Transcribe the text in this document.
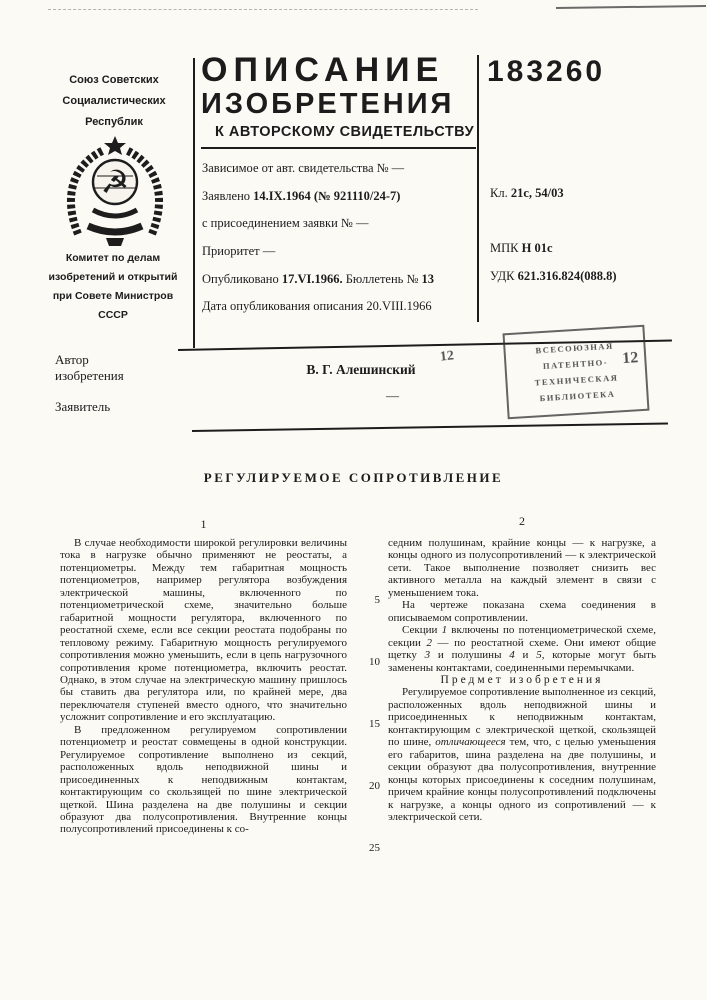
Союз Советских
Социалистических
Республик
☭
Комитет по делам
изобретений и открытий
при Совете Министров
СССР
ОПИСАНИЕ
ИЗОБРЕТЕНИЯ
К АВТОРСКОМУ СВИДЕТЕЛЬСТВУ
Зависимое от авт. свидетельства № —
Заявлено 14.IX.1964 (№ 921110/24-7)
с присоединением заявки № —
Приоритет —
Опубликовано 17.VI.1966. Бюллетень № 13
Дата опубликования описания 20.VIII.1966
183260
Кл. 21c, 54/03
МПК Н 01c
УДК 621.316.824(088.8)
Автор
изобретения	В. Г. Алешинский
Заявитель
—
12
ВСЕСОЮЗНАЯ
ПАТЕНТНО-
ТЕХНИЧЕСКАЯ
БИБЛИОТЕКА
12
РЕГУЛИРУЕМОЕ СОПРОТИВЛЕНИЕ
1	2
5
10
15
20
25

В случае необходимости широкой регулировки величины тока в нагрузке обычно применяют не реостаты, а потенциометры. Между тем габаритная мощность потенциометров, например регулятора возбуждения электрической машины, включенного по потенциометрической схеме, значительно больше габаритной мощности регулятора, включенного по реостатной схеме, если все секции реостата подобраны по тепловому режиму. Габаритную мощность регулируемого сопротивления можно уменьшить, если в цепь нагрузочного сопротивления кроме потенциометра, включить реостат. Однако, в этом случае на электрическую машину пришлось бы ставить два регулятора или, по крайней мере, два переключателя ступеней вместо одного, что значительно усложнит сопротивление и его эксплуатацию.

В предложенном регулируемом сопротивлении потенциометр и реостат совмещены в одной конструкции. Регулируемое сопротивление выполнено из секций, расположенных вдоль неподвижной шины и присоединенных к неподвижным контактам, контактирующим со скользящей по шине электрической щеткой. Шина разделена на две полушины и секции образуют два полусопротивления. Внутренние концы полусопротивлений присоединены к со-

седним полушинам, крайние концы — к нагрузке, а концы одного из полусопротивлений — к электрической сети. Такое выполнение позволяет снизить вес активного металла на каждый элемент в связи с уменьшением тока.

На чертеже показана схема соединения в описываемом сопротивлении.

Секции 1 включены по потенциометрической схеме, секции 2 — по реостатной схеме. Они имеют общие щетку 3 и полушины 4 и 5, которые могут быть заменены контактами, соединенными перемычками.

Предмет изобретения

Регулируемое сопротивление выполненное из секций, расположенных вдоль неподвижной шины и присоединенных к неподвижным контактам, контактирующим с электрической щеткой, скользящей по шине, отличающееся тем, что, с целью уменьшения его габаритов, шина разделена на две полушины, и секции образуют два полусопротивления, внутренние концы которых присоединены к соседним полушинам, причем крайние концы полусопротивлений подключены к нагрузке, а концы одного из сопротивлений — к электрической сети.
